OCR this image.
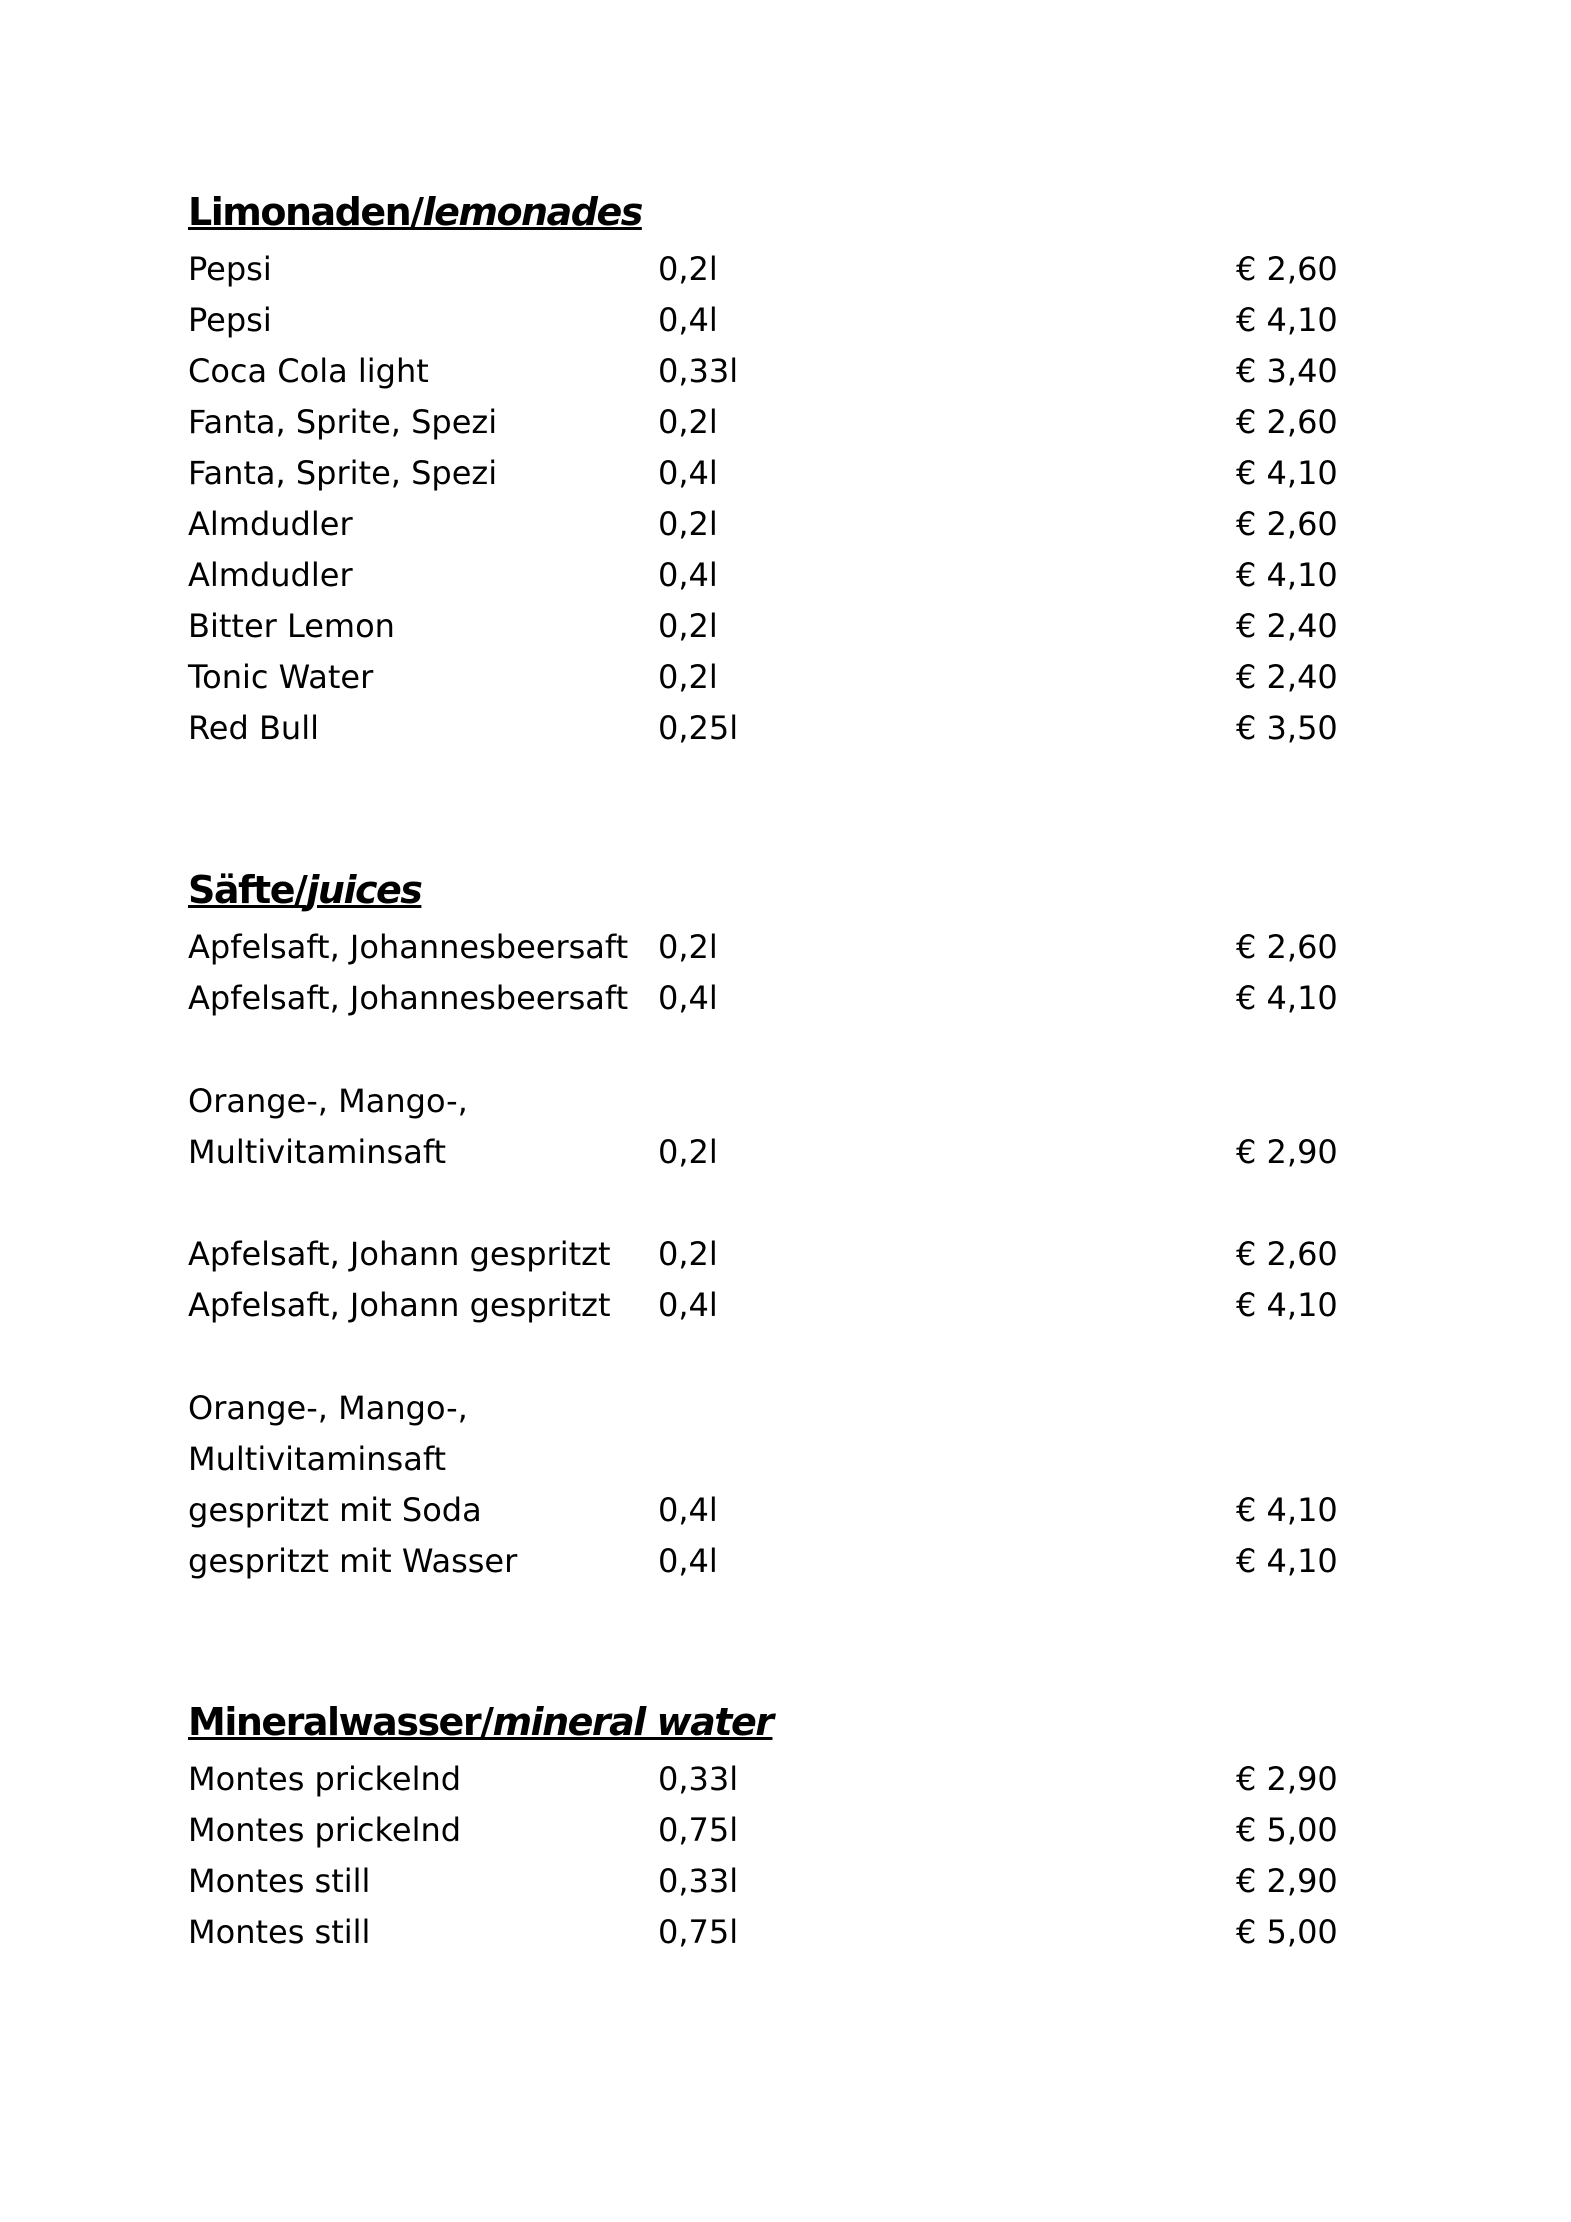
Limonaden/lemonades
Pepsi	0,2l	€ 2,60
Pepsi	0,4l	€ 4,10
Coca Cola light	0,33l	€ 3,40
Fanta, Sprite, Spezi	0,2l	€ 2,60
Fanta, Sprite, Spezi	0,4l	€ 4,10
Almdudler	0,2l	€ 2,60
Almdudler	0,4l	€ 4,10
Bitter Lemon	0,2l	€ 2,40
Tonic Water	0,2l	€ 2,40
Red Bull	0,25l	€ 3,50
Säfte/juices
Apfelsaft, Johannesbeersaft 0,2l	€ 2,60
Apfelsaft, Johannesbeersaft 0,4l	€ 4,10
Orange-, Mango-,
Multivitaminsaft	0,2l	€ 2,90
Apfelsaft, Johann gespritzt 0,2l	€ 2,60
Apfelsaft, Johann gespritzt 0,4l	€ 4,10
Orange-, Mango-,
Multivitaminsaft
gespritzt mit Soda	0,4l	€ 4,10
gespritzt mit Wasser	0,4l	€ 4,10
Mineralwasser/mineral water
Montes prickelnd	0,33l	€ 2,90
Montes prickelnd	0,75l	€ 5,00
Montes still	0,33l	€ 2,90
Montes still	0,75l	€ 5,00
